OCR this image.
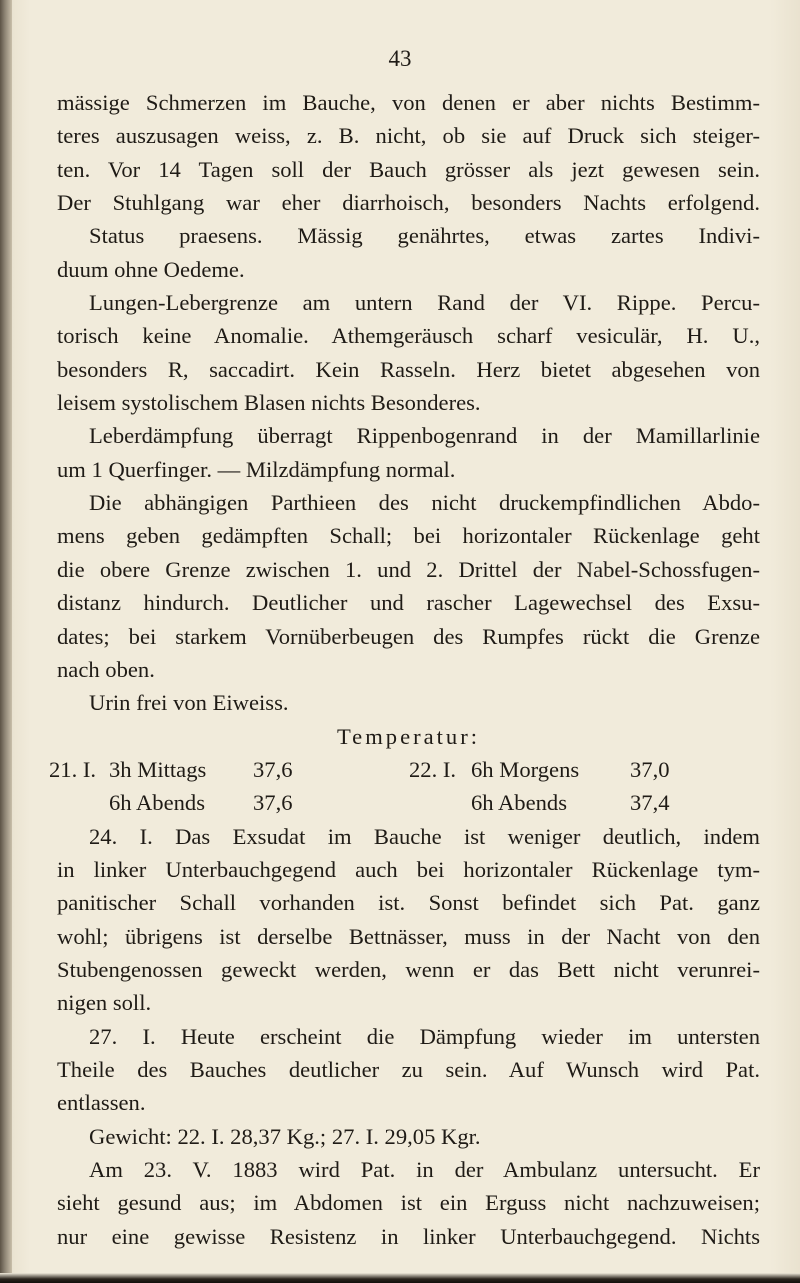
43
mässige Schmerzen im Bauche, von denen er aber nichts Bestimm-
teres auszusagen weiss, z. B. nicht, ob sie auf Druck sich steiger-
ten. Vor 14 Tagen soll der Bauch grösser als jezt gewesen sein.
Der Stuhlgang war eher diarrhoisch, besonders Nachts erfolgend.
Status praesens. Mässig genährtes, etwas zartes Indivi-
duum ohne Oedeme.
Lungen-Lebergrenze am untern Rand der VI. Rippe. Percu-
torisch keine Anomalie. Athemgeräusch scharf vesiculär, H. U.,
besonders R, saccadirt. Kein Rasseln. Herz bietet abgesehen von
leisem systolischem Blasen nichts Besonderes.
Leberdämpfung überragt Rippenbogenrand in der Mamillarlinie
um 1 Querfinger. — Milzdämpfung normal.
Die abhängigen Parthieen des nicht druckempfindlichen Abdo-
mens geben gedämpften Schall; bei horizontaler Rückenlage geht
die obere Grenze zwischen 1. und 2. Drittel der Nabel-Schossfugen-
distanz hindurch. Deutlicher und rascher Lagewechsel des Exsu-
dates; bei starkem Vornüberbeugen des Rumpfes rückt die Grenze
nach oben.
Urin frei von Eiweiss.
Temperatur:
21. I. 3h Mittags 37,6	22. I. 6h Morgens 37,0
6h Abends 37,6	6h Abends	37,4
24. I. Das Exsudat im Bauche ist weniger deutlich, indem
in linker Unterbauchgegend auch bei horizontaler Rückenlage tym-
panitischer Schall vorhanden ist. Sonst befindet sich Pat. ganz
wohl; übrigens ist derselbe Bettnässer, muss in der Nacht von den
Stubengenossen geweckt werden, wenn er das Bett nicht verunrei-
nigen soll.
27. I. Heute erscheint die Dämpfung wieder im untersten
Theile des Bauches deutlicher zu sein. Auf Wunsch wird Pat.
entlassen.
Gewicht: 22. I. 28,37 Kg.; 27. I. 29,05 Kgr.
Am 23. V. 1883 wird Pat. in der Ambulanz untersucht. Er
sieht gesund aus; im Abdomen ist ein Erguss nicht nachzuweisen;
nur eine gewisse Resistenz in linker Unterbauchgegend. Nichts
